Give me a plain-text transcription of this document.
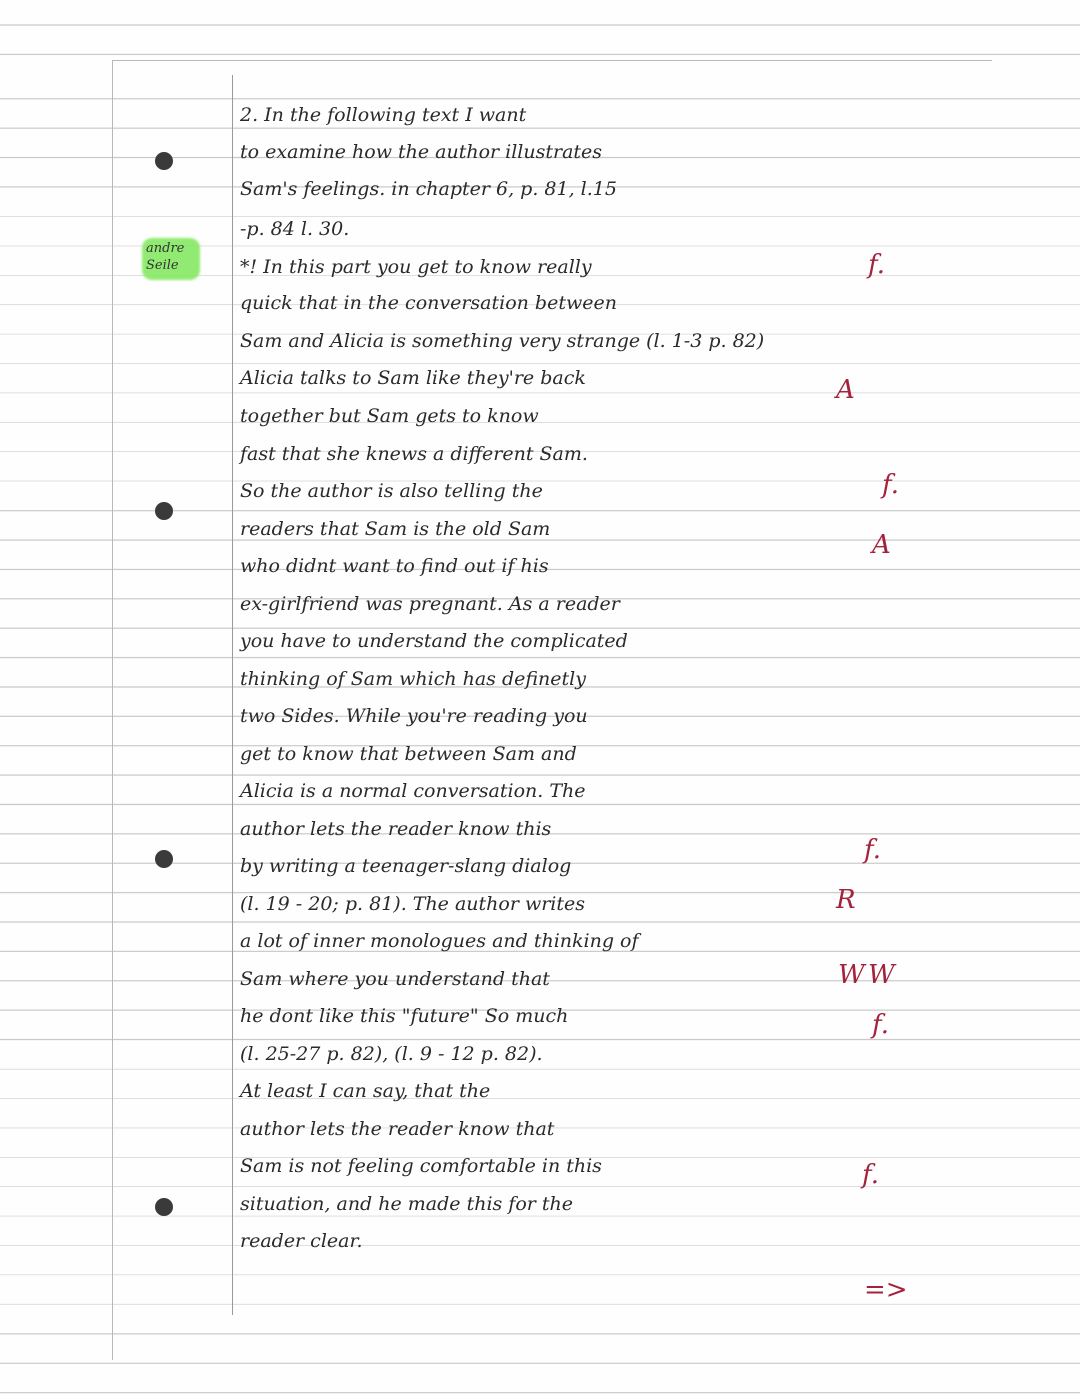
andre
Seile
2. In the following text I want
to examine how the author illustrates
Sam's feelings. in chapter 6, p. 81, l.15
-p. 84 l. 30.
*! In this part you get to know really
quick that in the conversation between
Sam and Alicia is something very strange (l. 1-3 p. 82)
Alicia talks to Sam like they're back
together but Sam gets to know
fast that she knews a different Sam.
So the author is also telling the
readers that Sam is the old Sam
who didnt want to find out if his
ex-girlfriend was pregnant. As a reader
you have to understand the complicated
thinking of Sam which has definetly
two Sides. While you're reading you
get to know that between Sam and
Alicia is a normal conversation. The
author lets the reader know this
by writing a teenager-slang dialog
(l. 19 - 20; p. 81). The author writes
a lot of inner monologues and thinking of
Sam where you understand that
he dont like this "future" So much
(l. 25-27 p. 82), (l. 9 - 12 p. 82).
At least I can say, that the
author lets the reader know that
Sam is not feeling comfortable in this
situation, and he made this for the
reader clear.
f.
f.
A
A
f.
R
W W
f.
f.
=>
